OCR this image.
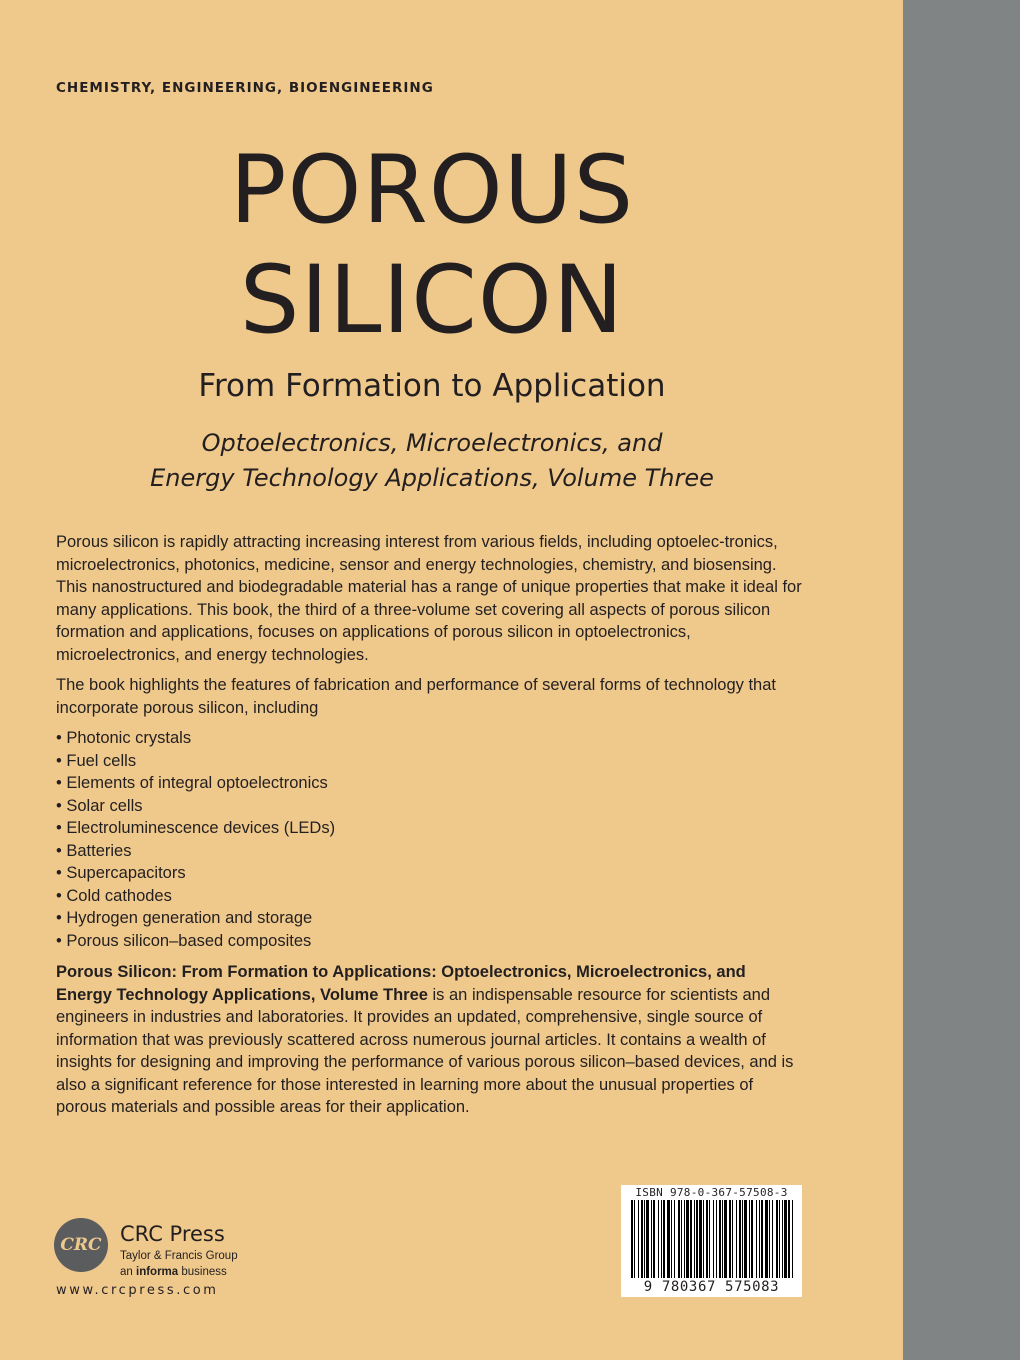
CHEMISTRY, ENGINEERING, BIOENGINEERING
POROUS
SILICON
From Formation to Application
Optoelectronics, Microelectronics, and
Energy Technology Applications, Volume Three

Porous silicon is rapidly attracting increasing interest from various fields, including optoelec-tronics, microelectronics, photonics, medicine, sensor and energy technologies, chemistry, and biosensing. This nanostructured and biodegradable material has a range of unique properties that make it ideal for many applications. This book, the third of a three-volume set covering all aspects of porous silicon formation and applications, focuses on applications of porous silicon in optoelectronics, microelectronics, and energy technologies.

The book highlights the features of fabrication and performance of several forms of technology that incorporate porous silicon, including

• Photonic crystals
• Fuel cells
• Elements of integral optoelectronics
• Solar cells
• Electroluminescence devices (LEDs)
• Batteries
• Supercapacitors
• Cold cathodes
• Hydrogen generation and storage
• Porous silicon–based composites

Porous Silicon: From Formation to Applications: Optoelectronics, Microelectronics, and Energy Technology Applications, Volume Three is an indispensable resource for scientists and engineers in industries and laboratories. It provides an updated, comprehensive, single source of information that was previously scattered across numerous journal articles. It contains a wealth of insights for designing and improving the performance of various porous silicon–based devices, and is also a significant reference for those interested in learning more about the unusual properties of porous materials and possible areas for their application.

CRC CRC Press
Taylor & Francis Group
an informa business
www.crcpress.com
ISBN 978-0-367-57508-3
9 780367 575083
